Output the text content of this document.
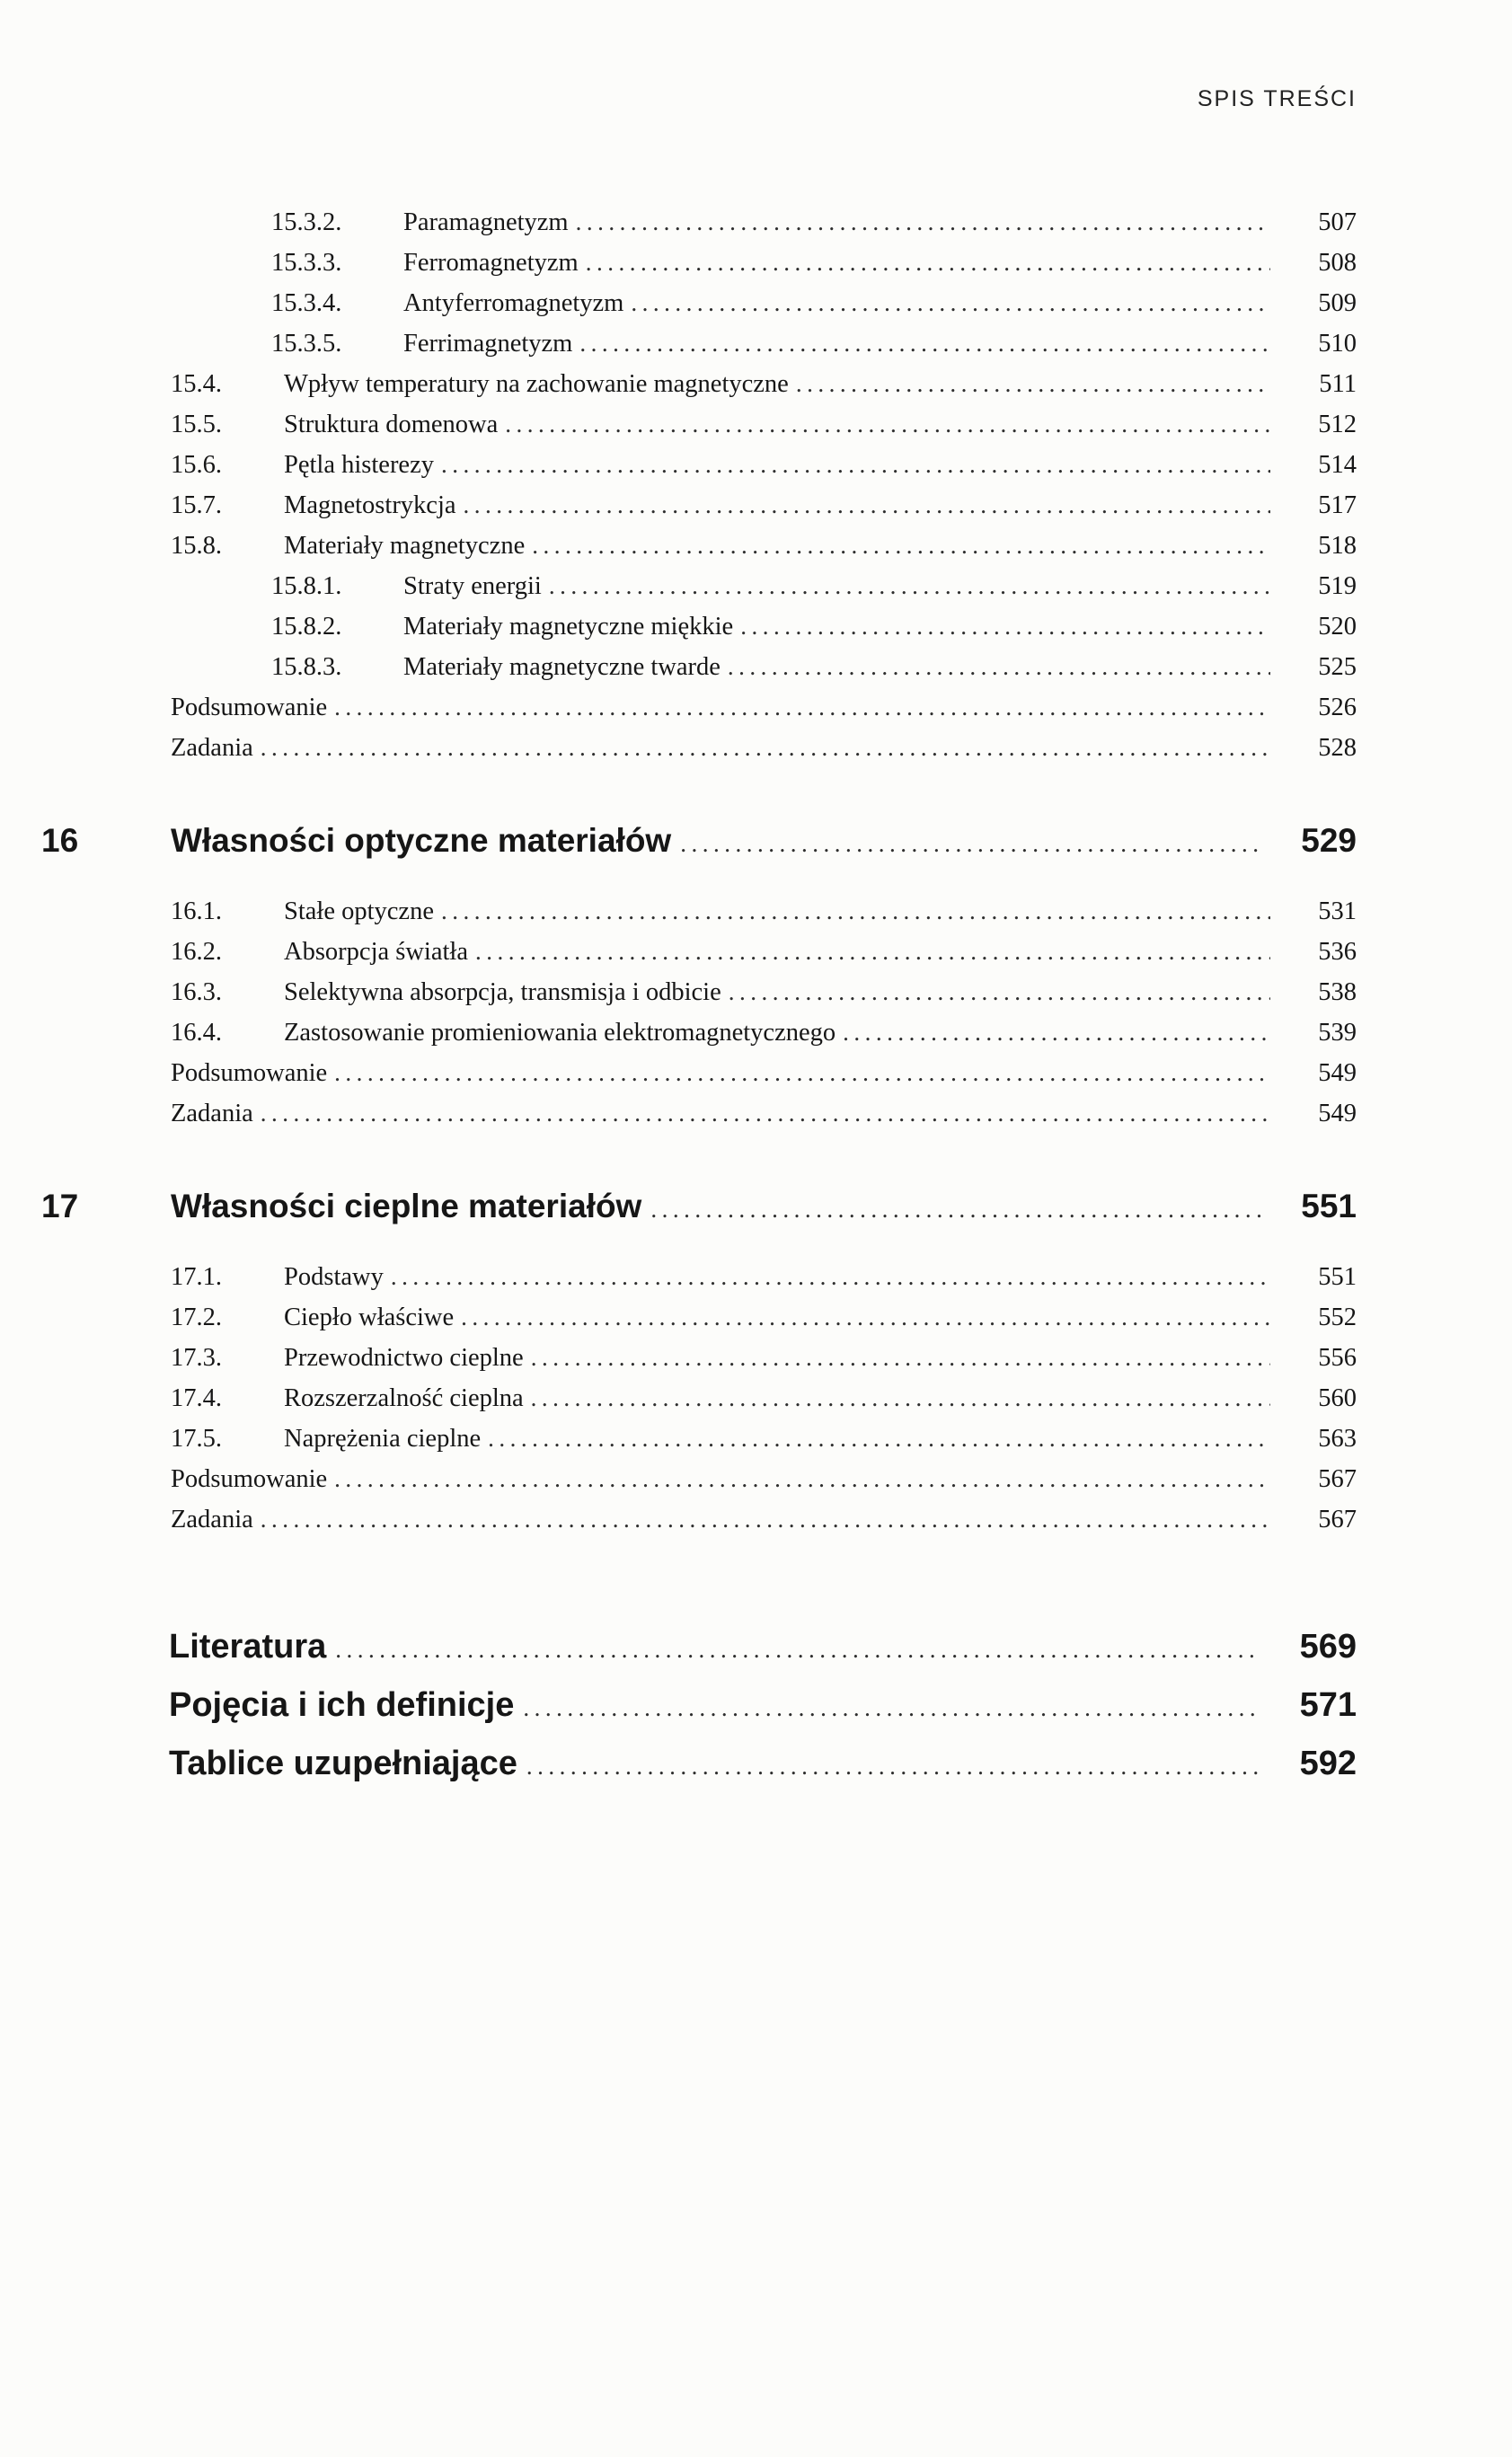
SPIS TREŚCI
15.3.2.	Paramagnetyzm .....	507
15.3.3.	Ferromagnetyzm .....	508
15.3.4.	Antyferromagnetyzm .....	509
15.3.5.	Ferrimagnetyzm .....	510
15.4.	Wpływ temperatury na zachowanie magnetyczne .....	511
15.5.	Struktura domenowa .....	512
15.6.	Pętla histerezy .....	514
15.7.	Magnetostrykcja .....	517
15.8.	Materiały magnetyczne .....	518
15.8.1.	Straty energii .....	519
15.8.2.	Materiały magnetyczne miękkie .....	520
15.8.3.	Materiały magnetyczne twarde .....	525
Podsumowanie .....	526
Zadania .....	528
16	Własności optyczne materiałów .....	529
16.1.	Stałe optyczne .....	531
16.2.	Absorpcja światła .....	536
16.3.	Selektywna absorpcja, transmisja i odbicie .....	538
16.4.	Zastosowanie promieniowania elektromagnetycznego .....	539
Podsumowanie .....	549
Zadania .....	549
17	Własności cieplne materiałów .....	551
17.1.	Podstawy .....	551
17.2.	Ciepło właściwe .....	552
17.3.	Przewodnictwo cieplne .....	556
17.4.	Rozszerzalność cieplna .....	560
17.5.	Naprężenia cieplne .....	563
Podsumowanie .....	567
Zadania .....	567
Literatura .....	569
Pojęcia i ich definicje .....	571
Tablice uzupełniające .....	592
